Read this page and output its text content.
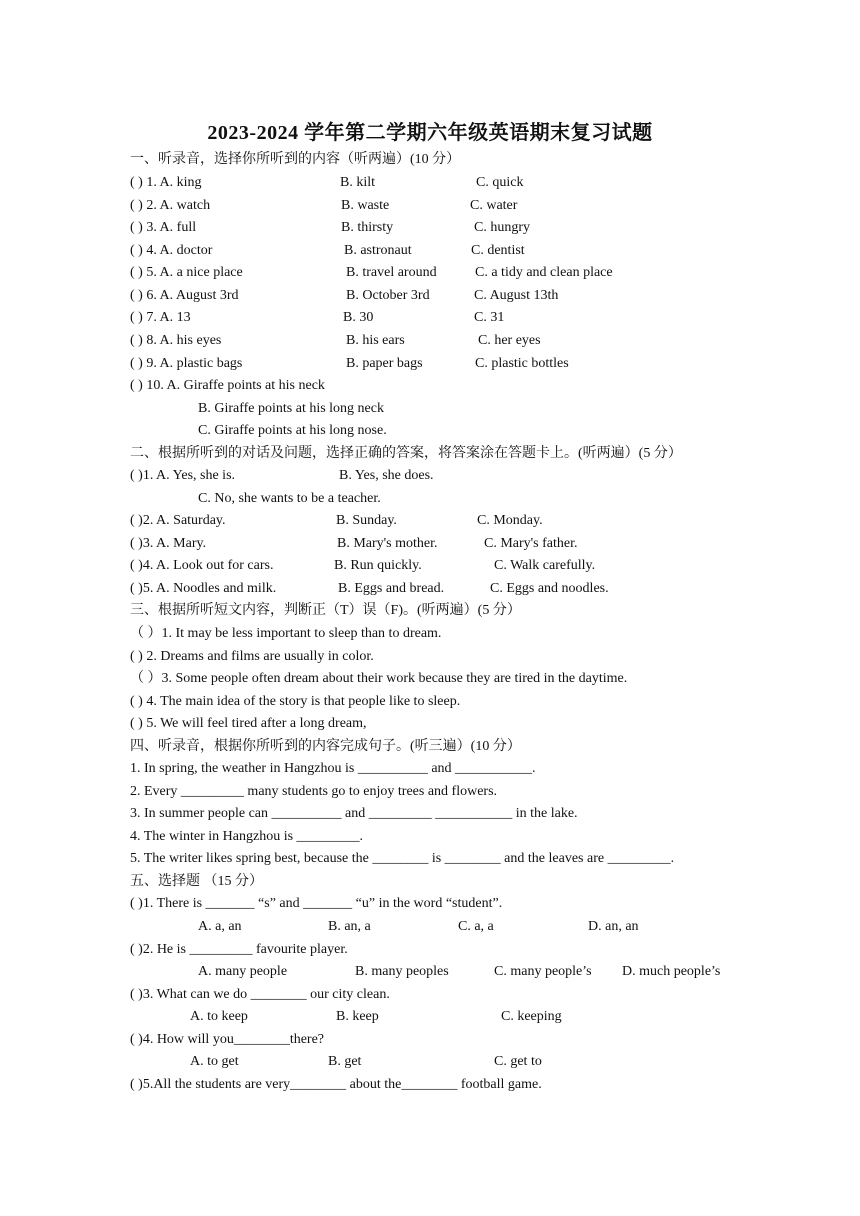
2023-2024 学年第二学期六年级英语期末复习试题
一、听录音，选择你所听到的内容（听两遍）(10 分）
( ) 1. A. king	B. kilt	C. quick
( ) 2. A. watch	B. waste	C. water
( ) 3. A. full	B. thirsty	C. hungry
( ) 4. A. doctor	B. astronaut	C. dentist
( ) 5. A. a nice place	B. travel around	C. a tidy and clean place
( ) 6. A. August 3rd	B. October 3rd	C. August 13th
( ) 7. A. 13	B. 30	C. 31
( ) 8. A. his eyes	B. his ears	C. her eyes
( ) 9. A. plastic bags	B. paper bags	C. plastic bottles
( ) 10. A. Giraffe points at his neck
B. Giraffe points at his long neck
C. Giraffe points at his long nose.
二、根据所听到的对话及问题，选择正确的答案，将答案涂在答题卡上。(听两遍）(5 分）
( )1. A. Yes, she is.	B. Yes, she does.
C. No, she wants to be a teacher.
( )2. A. Saturday.	B. Sunday.	C. Monday.
( )3. A. Mary.	B. Mary's mother.	C. Mary's father.
( )4. A. Look out for cars.	B. Run quickly.	C. Walk carefully.
( )5. A. Noodles and milk.	B. Eggs and bread.	C. Eggs and noodles.
三、根据所听短文内容，判断正（T）误（F)。(听两遍）(5 分）
（ ）1. It may be less important to sleep than to dream.
( ) 2. Dreams and films are usually in color.
（ ）3. Some people often dream about their work because they are tired in the daytime.
( ) 4. The main idea of the story is that people like to sleep.
( ) 5. We will feel tired after a long dream,
四、听录音，根据你所听到的内容完成句子。(听三遍）(10 分）
1. In spring, the weather in Hangzhou is __________ and ___________.
2. Every _________ many students go to enjoy trees and flowers.
3. In summer people can __________ and _________ ___________ in the lake.
4. The winter in Hangzhou is _________.
5. The writer likes spring best, because the ________ is ________ and the leaves are _________.
五、选择题 （15 分）
( )1. There is _______ “s” and _______ “u” in the word “student”.
A. a, an	B. an, a	C. a, a	D. an, an
( )2. He is _________ favourite player.
A. many people	B. many peoples	C. many people’s D. much people’s
( )3. What can we do ________ our city clean.
A. to keep	B. keep	C. keeping
( )4. How will you________there?
A. to get	B. get	C. get to
( )5.All the students are very________ about the________ football game.
